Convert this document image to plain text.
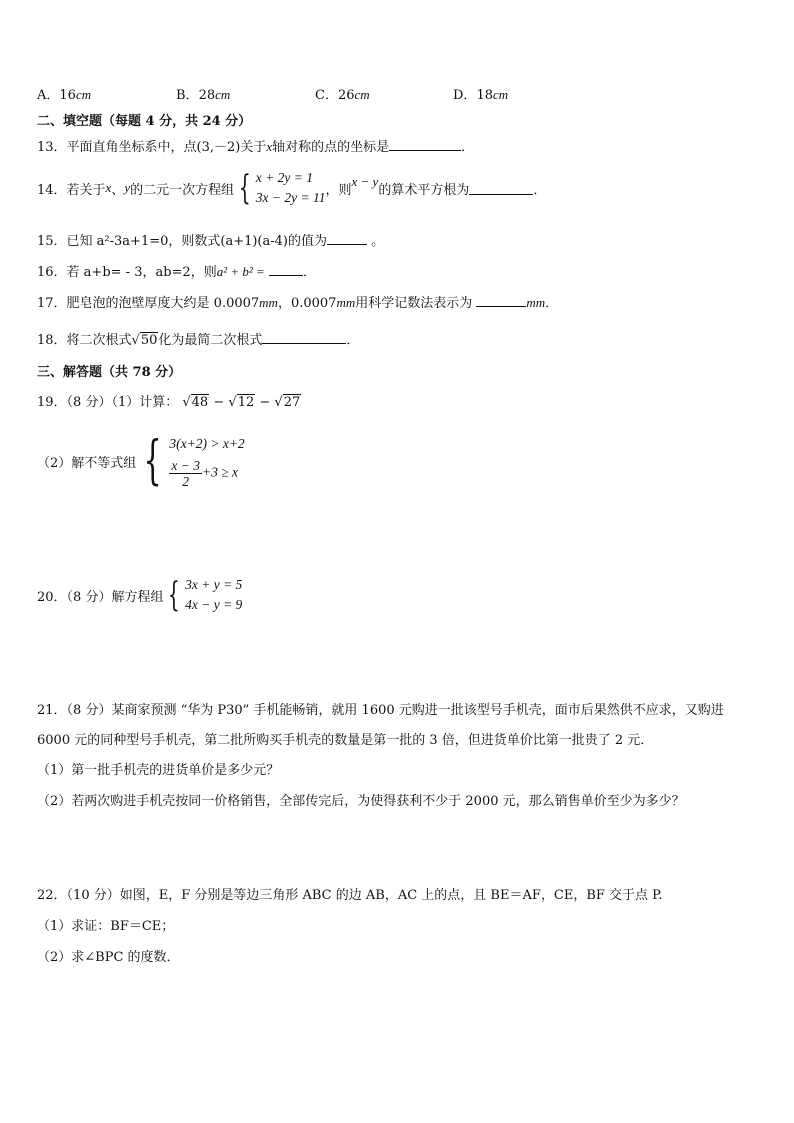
A．16cm	B．28cm	C．26cm	D．18cm
二、填空题（每题 4 分，共 24 分）
13．平面直角坐标系中，点(3,－2)关于x轴对称的点的坐标是	．
14．若关于 x 、 y 的二元一次方程组 { x + 2y = 1
3x − 2y = 11 ，则
x − y
的算术平方根为	．
15．已知 a²-3a+1=0，则数式(a+1)(a-4)的值为	。
16．若 a+b= - 3，ab=2，则a² + b² =	．
17．肥皂泡的泡壁厚度大约是 0.0007mm，0.0007mm用科学记数法表示为	mm．
18．将二次根式√50化为最简二次根式	．
三、解答题（共 78 分）
19．（8 分）（1）计算： √48 − √12 − √27
（2）解不等式组 { 3(x+2) > x+2
$\frac{x - 3}{2} +3 \ge x$
20．（8 分）解方程组 { 3x + y = 5
4x − y = 9
21．（8 分）某商家预测 “华为 P30” 手机能畅销，就用 1600 元购进一批该型号手机壳，面市后果然供不应求，又购进
6000 元的同种型号手机壳，第二批所购买手机壳的数量是第一批的 3 倍，但进货单价比第一批贵了 2 元．
（1）第一批手机壳的进货单价是多少元？
（2）若两次购进手机壳按同一价格销售，全部传完后，为使得获利不少于 2000 元，那么销售单价至少为多少？
22．（10 分）如图，E，F 分别是等边三角形 ABC 的边 AB，AC 上的点，且 BE＝AF，CE，BF 交于点 P.
（1）求证：BF＝CE；
（2）求∠BPC 的度数．
